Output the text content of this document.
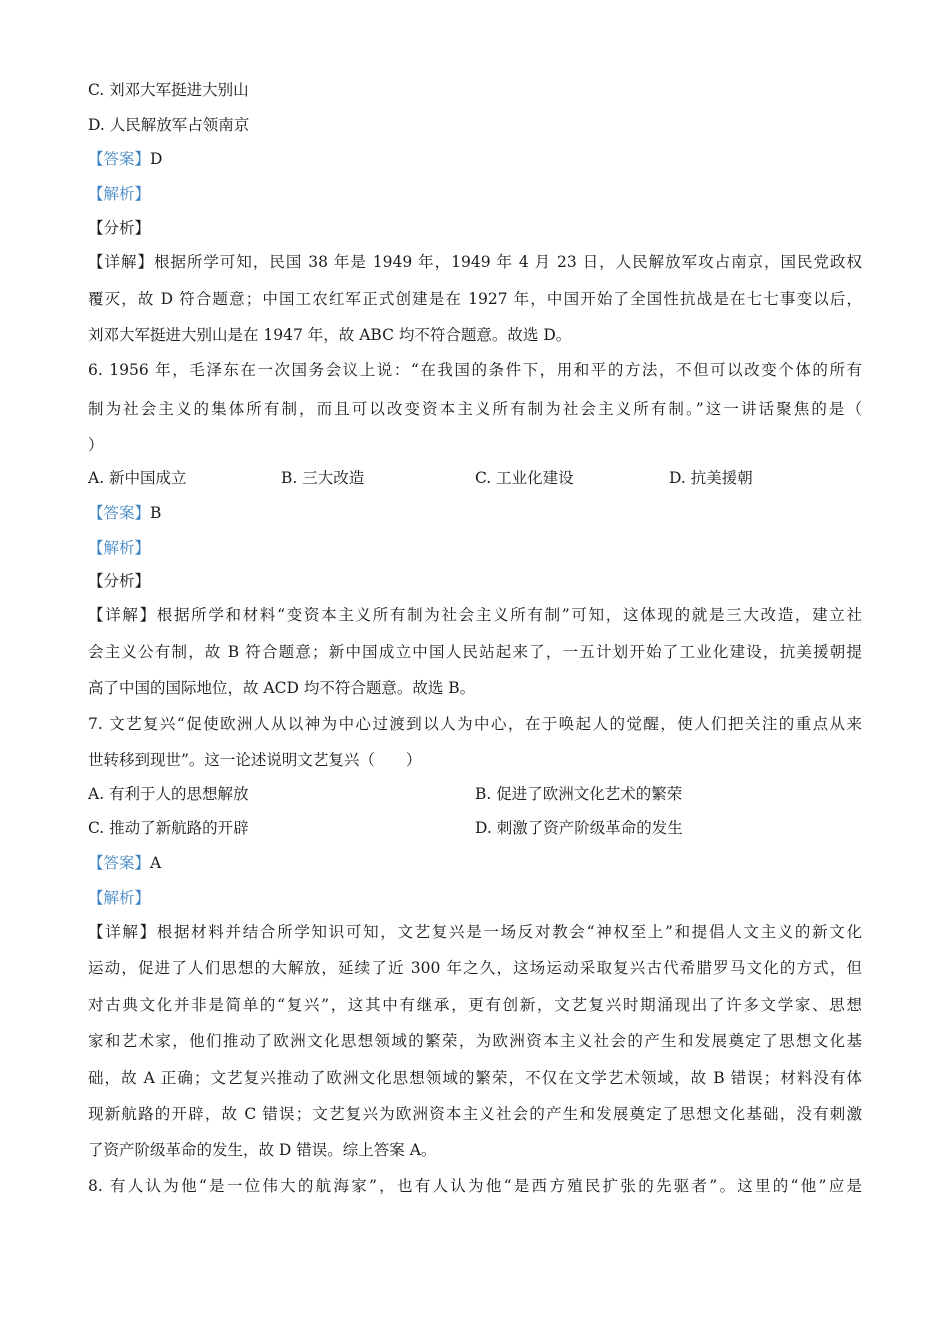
C. 刘邓大军挺进大别山
D. 人民解放军占领南京
【答案】D
【解析】
【分析】
【详解】根据所学可知，民国 38 年是 1949 年，1949 年 4 月 23 日，人民解放军攻占南京，国民党政权
覆灭，故 D 符合题意；中国工农红军正式创建是在 1927 年，中国开始了全国性抗战是在七七事变以后，
刘邓大军挺进大别山是在 1947 年，故 ABC 均不符合题意。故选 D。
6. 1956 年，毛泽东在一次国务会议上说：“在我国的条件下，用和平的方法，不但可以改变个体的所有
制为社会主义的集体所有制，而且可以改变资本主义所有制为社会主义所有制。”这一讲话聚焦的是（
）
A. 新中国成立	B. 三大改造	C. 工业化建设	D. 抗美援朝
【答案】B
【解析】
【分析】
【详解】根据所学和材料“变资本主义所有制为社会主义所有制”可知，这体现的就是三大改造，建立社
会主义公有制，故 B 符合题意；新中国成立中国人民站起来了，一五计划开始了工业化建设，抗美援朝提
高了中国的国际地位，故 ACD 均不符合题意。故选 B。
7. 文艺复兴“促使欧洲人从以神为中心过渡到以人为中心，在于唤起人的觉醒，使人们把关注的重点从来
世转移到现世”。这一论述说明文艺复兴（　　）
A. 有利于人的思想解放	B. 促进了欧洲文化艺术的繁荣
C. 推动了新航路的开辟	D. 刺激了资产阶级革命的发生
【答案】A
【解析】
【详解】根据材料并结合所学知识可知，文艺复兴是一场反对教会“神权至上”和提倡人文主义的新文化
运动，促进了人们思想的大解放，延续了近 300 年之久，这场运动采取复兴古代希腊罗马文化的方式，但
对古典文化并非是简单的“复兴”，这其中有继承，更有创新，文艺复兴时期涌现出了许多文学家、思想
家和艺术家，他们推动了欧洲文化思想领域的繁荣，为欧洲资本主义社会的产生和发展奠定了思想文化基
础，故 A 正确；文艺复兴推动了欧洲文化思想领域的繁荣，不仅在文学艺术领域，故 B 错误；材料没有体
现新航路的开辟，故 C 错误；文艺复兴为欧洲资本主义社会的产生和发展奠定了思想文化基础，没有刺激
了资产阶级革命的发生，故 D 错误。综上答案 A。
8. 有人认为他“是一位伟大的航海家”，也有人认为他“是西方殖民扩张的先驱者”。这里的“他”应是
